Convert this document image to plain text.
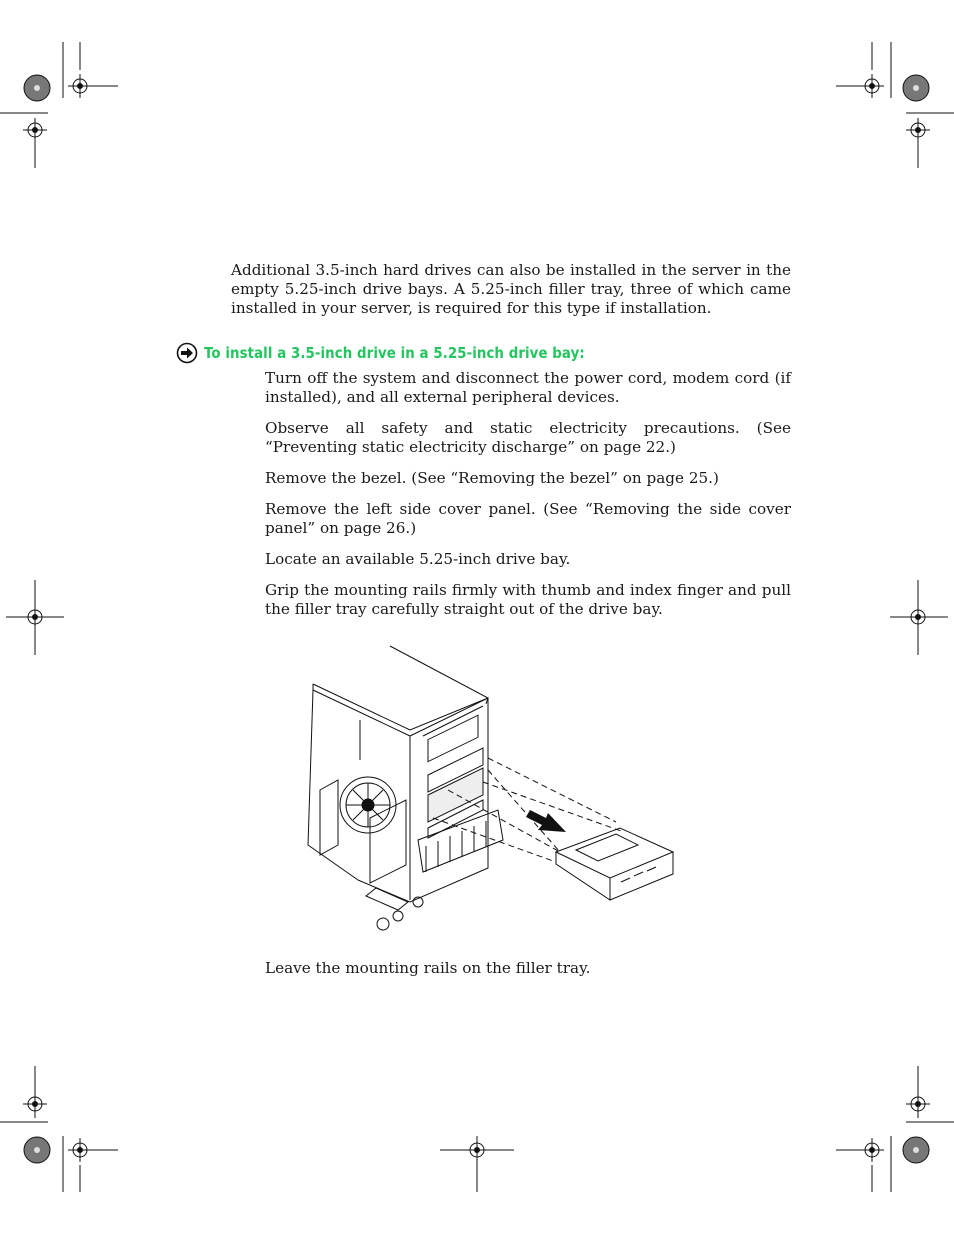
Additional 3.5-inch hard drives can also be installed in the server in the empty 5.25-inch drive bays. A 5.25-inch filler tray, three of which came installed in your server, is required for this type if installation.

To install a 3.5-inch drive in a 5.25-inch drive bay:
Turn off the system and disconnect the power cord, modem cord (if installed), and all external peripheral devices.
Observe all safety and static electricity precautions. (See “Preventing static electricity discharge” on page 22.)
Remove the bezel. (See “Removing the bezel” on page 25.)
Remove the left side cover panel. (See “Removing the side cover panel” on page 26.)
Locate an available 5.25-inch drive bay.
Grip the mounting rails firmly with thumb and index finger and pull the filler tray carefully straight out of the drive bay.

Leave the mounting rails on the filler tray.
